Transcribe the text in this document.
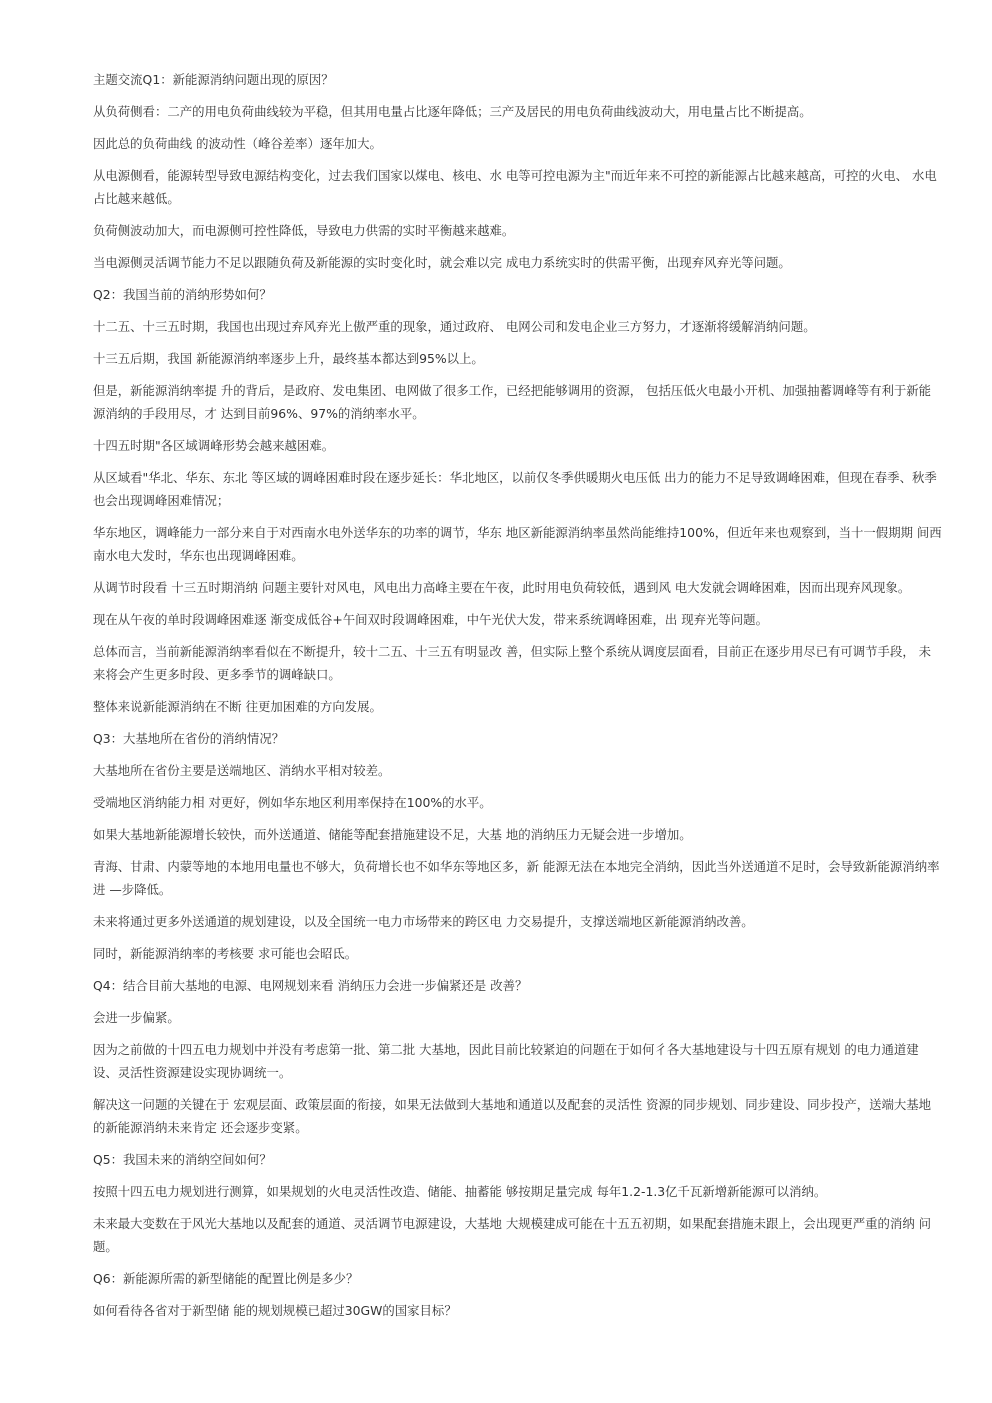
主题交流Q1：新能源消纳问题出现的原因？

从负荷侧看：二产的用电负荷曲线较为平稳，但其用电量占比逐年降低；三产及居民的用电负荷曲线波动大，用电量占比不断提高。

因此总的负荷曲线 的波动性（峰谷差率）逐年加大。

从电源侧看，能源转型导致电源结构变化，过去我们国家以煤电、核电、水 电等可控电源为主"而近年来不可控的新能源占比越来越高，可控的火电、 水电占比越来越低。

负荷侧波动加大，而电源侧可控性降低，导致电力供需的实时平衡越来越难。

当电源侧灵活调节能力不足以跟随负荷及新能源的实时变化时，就会难以完 成电力系统实时的供需平衡，出现弃风弃光等问题。

Q2：我国当前的消纳形势如何？

十二五、十三五时期，我国也出现过弃风弃光上傲严重的现象，通过政府、 电网公司和发电企业三方努力，才逐渐将缓解消纳问题。

十三五后期，我国 新能源消纳率逐步上升，最终基本都达到95%以上。

但是，新能源消纳率提 升的背后，是政府、发电集团、电网做了很多工作，已经把能够调用的资源， 包括压低火电最小开机、加强抽蓄调峰等有利于新能源消纳的手段用尽，才 达到目前96%、97%的消纳率水平。

十四五时期"各区域调峰形势会越来越困难。

从区域看"华北、华东、东北 等区域的调峰困难时段在逐步延长：华北地区，以前仅冬季供暖期火电压低 出力的能力不足导致调峰困难，但现在春季、秋季也会出现调峰困难情况；

华东地区，调峰能力一部分来自于对西南水电外送华东的功率的调节，华东 地区新能源消纳率虽然尚能维持100%，但近年来也观察到，当十一假期期 间西南水电大发时，华东也出现调峰困难。

从调节时段看 十三五时期消纳 问题主要针对风电，风电出力高峰主要在午夜，此时用电负荷较低，遇到风 电大发就会调峰困难，因而出现弃风现象。

现在从午夜的单时段调峰困难逐 渐变成低谷+午间双时段调峰困难，中午光伏大发，带来系统调峰困难，出 现弃光等问题。

总体而言，当前新能源消纳率看似在不断提升，较十二五、十三五有明显改 善，但实际上整个系统从调度层面看，目前正在逐步用尽已有可调节手段， 未来将会产生更多时段、更多季节的调峰缺口。

整体来说新能源消纳在不断 往更加困难的方向发展。

Q3：大基地所在省份的消纳情况？

大基地所在省份主要是送端地区、消纳水平相对较差。

受端地区消纳能力相 对更好，例如华东地区利用率保持在100%的水平。

如果大基地新能源增长较快，而外送通道、储能等配套措施建设不足，大基 地的消纳压力无疑会进一步增加。

青海、甘肃、内蒙等地的本地用电量也不够大，负荷增长也不如华东等地区多，新 能源无法在本地完全消纳，因此当外送通道不足时，会导致新能源消纳率进 —步降低。

未来将通过更多外送通道的规划建设，以及全国统一电力市场带来的跨区电 力交易提升，支撑送端地区新能源消纳改善。

同时，新能源消纳率的考核要 求可能也会昭氐。

Q4：结合目前大基地的电源、电网规划来看 消纳压力会进一步偏紧还是 改善？

会进一步偏紧。

因为之前做的十四五电力规划中并没有考虑第一批、第二批 大基地，因此目前比较紧迫的问题在于如何彳各大基地建设与十四五原有规划 的电力通道建设、灵活性资源建设实现协调统一。

解决这一问题的关键在于 宏观层面、政策层面的衔接，如果无法做到大基地和通道以及配套的灵活性 资源的同步规划、同步建设、同步投产，送端大基地的新能源消纳未来肯定 还会逐步变紧。

Q5：我国未来的消纳空间如何？

按照十四五电力规划进行测算，如果规划的火电灵活性改造、储能、抽蓄能 够按期足量完成 每年1.2-1.3亿千瓦新增新能源可以消纳。

未来最大变数在于风光大基地以及配套的通道、灵活调节电源建设，大基地 大规模建成可能在十五五初期，如果配套措施未跟上，会出现更严重的消纳 问题。

Q6：新能源所需的新型储能的配置比例是多少？

如何看待各省对于新型储 能的规划规模已超过30GW的国家目标？
